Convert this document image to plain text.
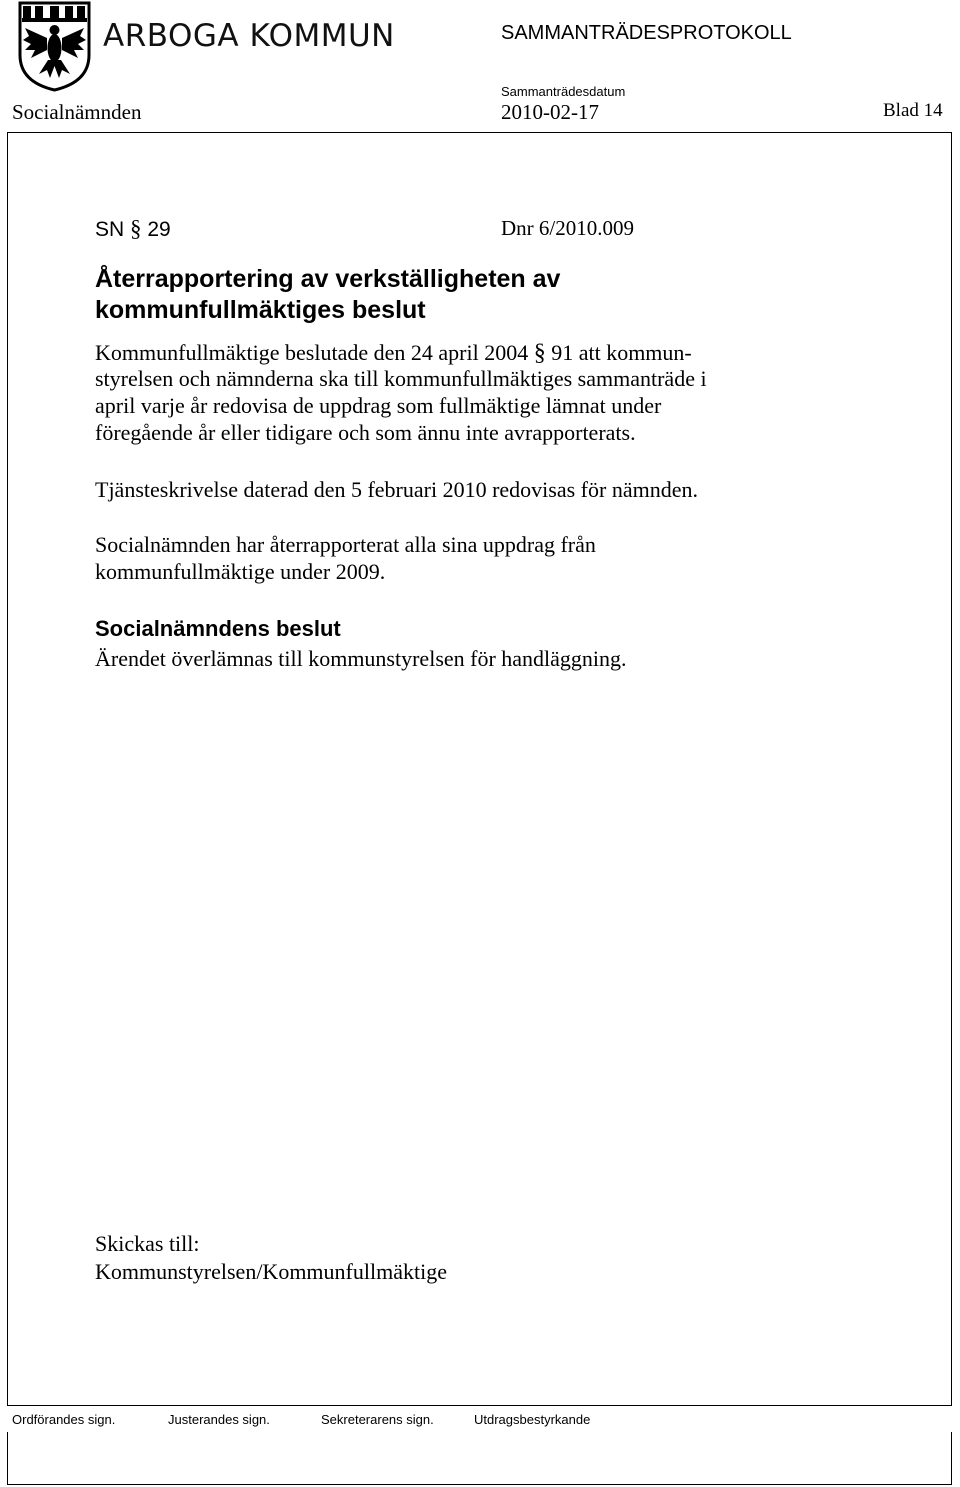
ARBOGA KOMMUN	SAMMANTRÄDESPROTOKOLL
Sammanträdesdatum
Socialnämnden	2010-02-17	Blad 14
SN § 29	Dnr 6/2010.009
Återrapportering av verkställigheten av
kommunfullmäktiges beslut
Kommunfullmäktige beslutade den 24 april 2004 § 91 att kommun-
styrelsen och nämnderna ska till kommunfullmäktiges sammanträde i
april varje år redovisa de uppdrag som fullmäktige lämnat under
föregående år eller tidigare och som ännu inte avrapporterats.
Tjänsteskrivelse daterad den 5 februari 2010 redovisas för nämnden.
Socialnämnden har återrapporterat alla sina uppdrag från
kommunfullmäktige under 2009.
Socialnämndens beslut
Ärendet överlämnas till kommunstyrelsen för handläggning.
Skickas till:
Kommunstyrelsen/Kommunfullmäktige
Ordförandes sign.	Justerandes sign.	Sekreterarens sign.	Utdragsbestyrkande
